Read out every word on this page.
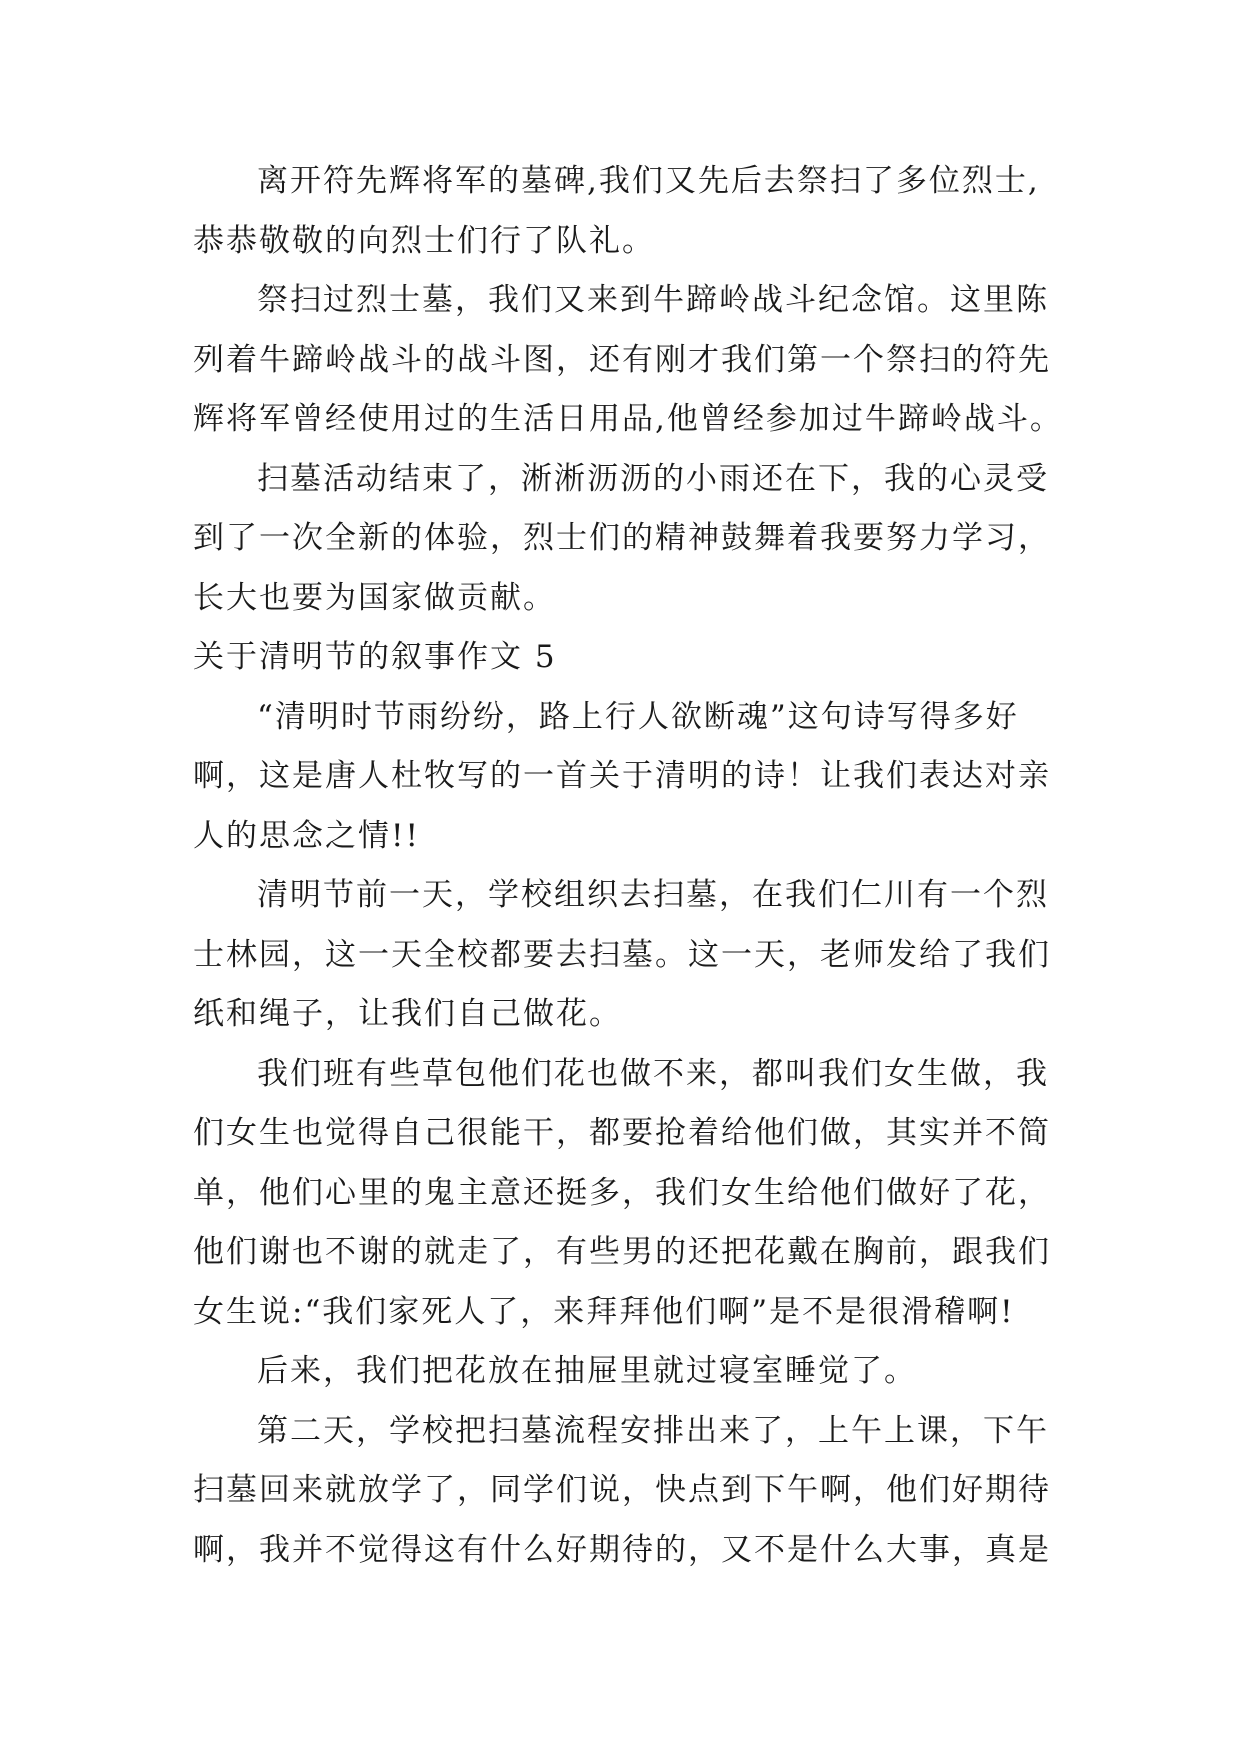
离开符先辉将军的墓碑,我们又先后去祭扫了多位烈士,
恭恭敬敬的向烈士们行了队礼。
祭扫过烈士墓，我们又来到牛蹄岭战斗纪念馆。这里陈
列着牛蹄岭战斗的战斗图，还有刚才我们第一个祭扫的符先
辉将军曾经使用过的生活日用品,他曾经参加过牛蹄岭战斗。
扫墓活动结束了，淅淅沥沥的小雨还在下，我的心灵受
到了一次全新的体验，烈士们的精神鼓舞着我要努力学习，
长大也要为国家做贡献。
关于清明节的叙事作文 5
“清明时节雨纷纷，路上行人欲断魂”这句诗写得多好
啊，这是唐人杜牧写的一首关于清明的诗！让我们表达对亲
人的思念之情!!
清明节前一天，学校组织去扫墓，在我们仁川有一个烈
士林园，这一天全校都要去扫墓。这一天，老师发给了我们
纸和绳子，让我们自己做花。
我们班有些草包他们花也做不来，都叫我们女生做，我
们女生也觉得自己很能干，都要抢着给他们做，其实并不简
单，他们心里的鬼主意还挺多，我们女生给他们做好了花，
他们谢也不谢的就走了，有些男的还把花戴在胸前，跟我们
女生说:“我们家死人了，来拜拜他们啊”是不是很滑稽啊!
后来，我们把花放在抽屉里就过寝室睡觉了。
第二天，学校把扫墓流程安排出来了，上午上课，下午
扫墓回来就放学了，同学们说，快点到下午啊，他们好期待
啊，我并不觉得这有什么好期待的，又不是什么大事，真是
